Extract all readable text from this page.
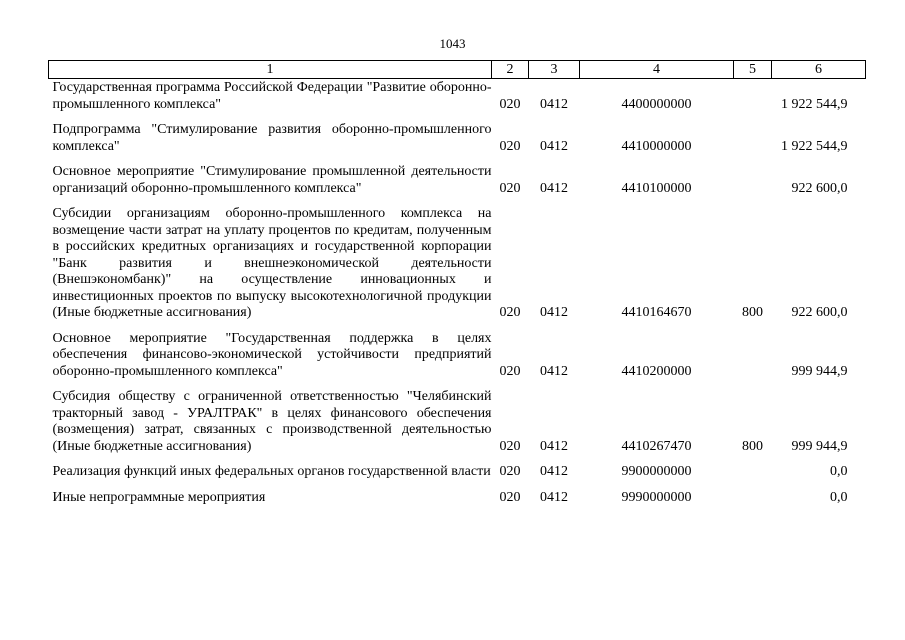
1043
1	2	3	4	5	6
Государственная программа Российской Федерации "Развитие оборонно-промышленного комплекса"	020	0412	4400000000		1 922 544,9
Подпрограмма "Стимулирование развития оборонно-промышленного комплекса"	020	0412	4410000000		1 922 544,9
Основное мероприятие "Стимулирование промышленной деятельности организаций оборонно-промышленного комплекса"	020	0412	4410100000		922 600,0
Субсидии организациям оборонно-промышленного комплекса на возмещение части затрат на уплату процентов по кредитам, полученным в российских кредитных организациях и государственной корпорации "Банк развития и внешнеэкономической деятельности (Внешэкономбанк)" на осуществление инновационных и инвестиционных проектов по выпуску высокотехнологичной продукции (Иные бюджетные ассигнования)	020	0412	4410164670	800	922 600,0
Основное мероприятие "Государственная поддержка в целях обеспечения финансово-экономической устойчивости предприятий оборонно-промышленного комплекса"	020	0412	4410200000		999 944,9
Субсидия обществу с ограниченной ответственностью "Челябинский тракторный завод - УРАЛТРАК" в целях финансового обеспечения (возмещения) затрат, связанных с производственной деятельностью (Иные бюджетные ассигнования)	020	0412	4410267470	800	999 944,9
Реализация функций иных федеральных органов государственной власти	020	0412	9900000000		0,0
Иные непрограммные мероприятия	020	0412	9990000000		0,0
